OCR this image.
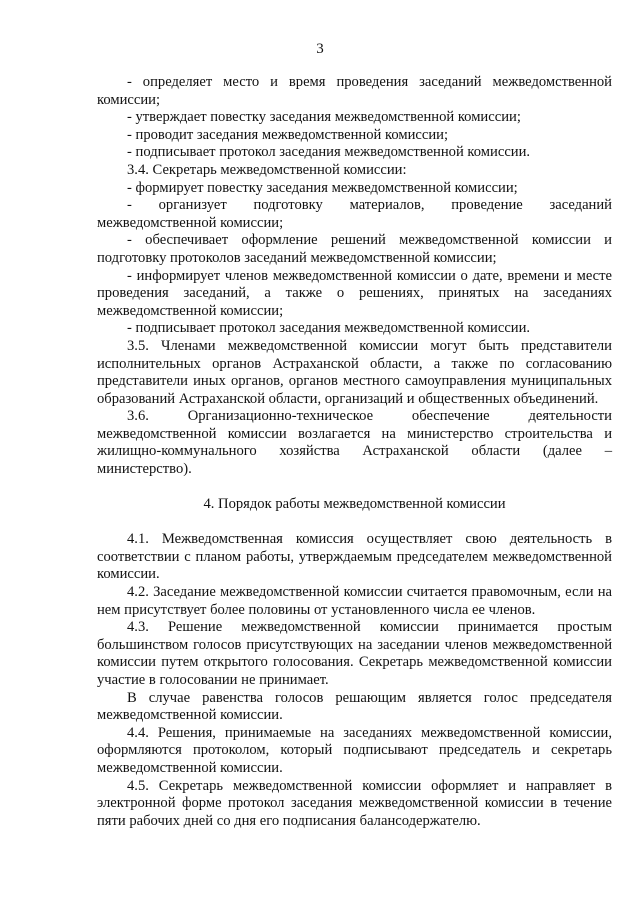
3

- определяет место и время проведения заседаний межведомственной комиссии;

- утверждает повестку заседания межведомственной комиссии;

- проводит заседания межведомственной комиссии;

- подписывает протокол заседания межведомственной комиссии.

3.4. Секретарь межведомственной комиссии:

- формирует повестку заседания межведомственной комиссии;

- организует подготовку материалов, проведение заседаний межведомственной комиссии;

- обеспечивает оформление решений межведомственной комиссии и подготовку протоколов заседаний межведомственной комиссии;

- информирует членов межведомственной комиссии о дате, времени и месте проведения заседаний, а также о решениях, принятых на заседаниях межведомственной комиссии;

- подписывает протокол заседания межведомственной комиссии.

3.5. Членами межведомственной комиссии могут быть представители исполнительных органов Астраханской области, а также по согласованию представители иных органов, органов местного самоуправления муниципальных образований Астраханской области, организаций и общественных объединений.

3.6. Организационно-техническое обеспечение деятельности межведомственной комиссии возлагается на министерство строительства и жилищно-коммунального хозяйства Астраханской области (далее – министерство).

4. Порядок работы межведомственной комиссии

4.1. Межведомственная комиссия осуществляет свою деятельность в соответствии с планом работы, утверждаемым председателем межведомственной комиссии.

4.2. Заседание межведомственной комиссии считается правомочным, если на нем присутствует более половины от установленного числа ее членов.

4.3. Решение межведомственной комиссии принимается простым большинством голосов присутствующих на заседании членов межведомственной комиссии путем открытого голосования. Секретарь межведомственной комиссии участие в голосовании не принимает.

В случае равенства голосов решающим является голос председателя межведомственной комиссии.

4.4. Решения, принимаемые на заседаниях межведомственной комиссии, оформляются протоколом, который подписывают председатель и секретарь межведомственной комиссии.

4.5. Секретарь межведомственной комиссии оформляет и направляет в электронной форме протокол заседания межведомственной комиссии в течение пяти рабочих дней со дня его подписания балансодержателю.
